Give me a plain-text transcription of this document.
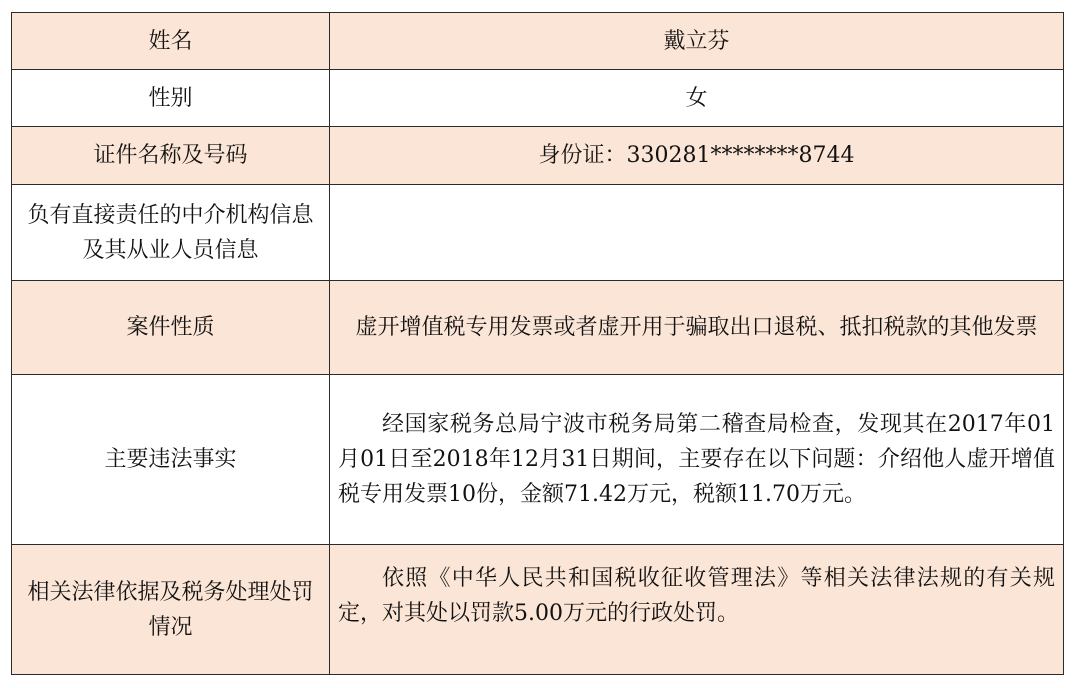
姓名	戴立芬
性别	女
证件名称及号码	身份证：330281********8744
负有直接责任的中介机构信息及其从业人员信息	
案件性质	虚开增值税专用发票或者虚开用于骗取出口退税、抵扣税款的其他发票
主要违法事实	经国家税务总局宁波市税务局第二稽查局检查，发现其在2017年01月01日至2018年12月31日期间，主要存在以下问题：介绍他人虚开增值税专用发票10份，金额71.42万元，税额11.70万元。

相关法律依据及税务处理处罚情况	依照《中华人民共和国税收征收管理法》等相关法律法规的有关规定，对其处以罚款5.00万元的行政处罚。
